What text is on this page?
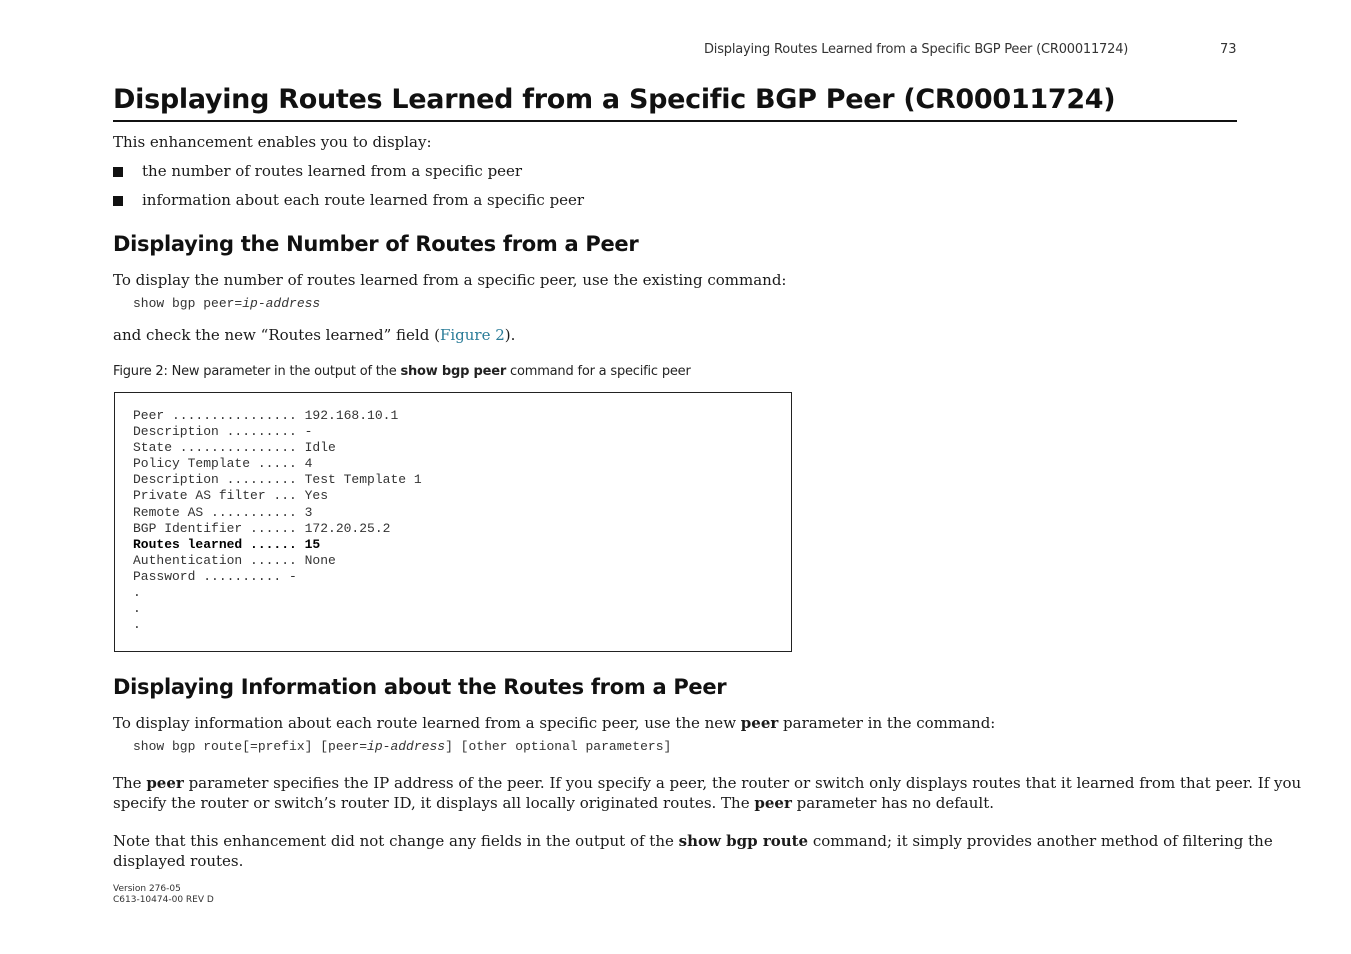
Displaying Routes Learned from a Specific BGP Peer (CR00011724)	73
Displaying Routes Learned from a Specific BGP Peer (CR00011724)

This enhancement enables you to display:

the number of routes learned from a specific peer
information about each route learned from a specific peer
Displaying the Number of Routes from a Peer

To display the number of routes learned from a specific peer, use the existing command:

show bgp peer=ip-address

and check the new “Routes learned” field (Figure 2).

Figure 2: New parameter in the output of the show bgp peer command for a specific peer
Peer ................ 192.168.10.1
Description ......... -
State ............... Idle
Policy Template ..... 4
Description ......... Test Template 1
Private AS filter ... Yes
Remote AS ........... 3
BGP Identifier ...... 172.20.25.2
Routes learned ...... 15
Authentication ...... None
Password .......... -
.
.
.
Displaying Information about the Routes from a Peer

To display information about each route learned from a specific peer, use the new peer parameter in the command:

show bgp route[=prefix] [peer=ip-address] [other optional parameters]

The peer parameter specifies the IP address of the peer. If you specify a peer, the router or switch only displays routes that it learned from that peer. If you
specify the router or switch’s router ID, it displays all locally originated routes. The peer parameter has no default.

Note that this enhancement did not change any fields in the output of the show bgp route command; it simply provides another method of filtering the
displayed routes.

Version 276-05
C613-10474-00 REV D
